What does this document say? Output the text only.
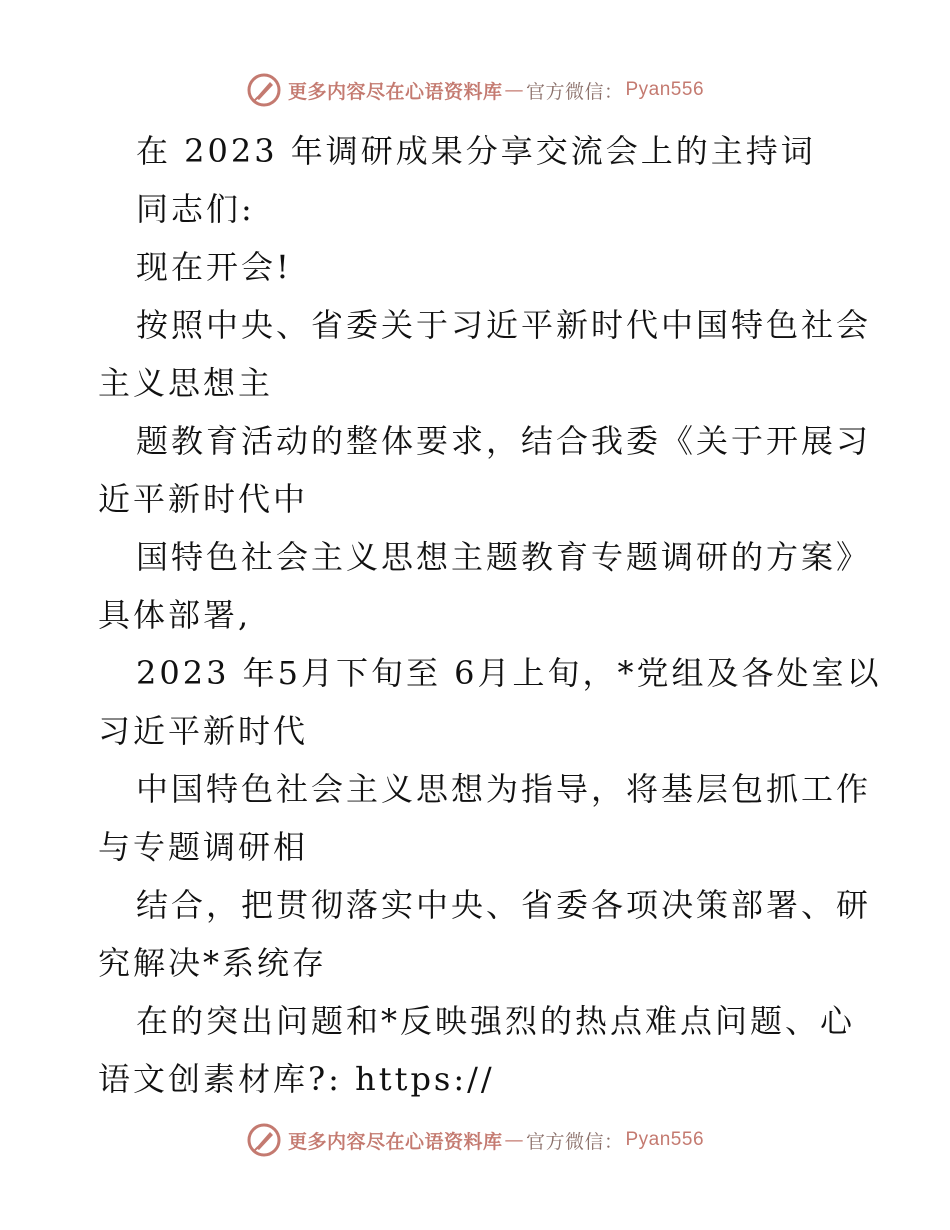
更多内容尽在心语资料库 — 官方微信： Pyan556
在 2023 年调研成果分享交流会上的主持词
同志们:
现在开会!
按照中央、省委关于习近平新时代中国特色社会
主义思想主
题教育活动的整体要求，结合我委《关于开展习
近平新时代中
国特色社会主义思想主题教育专题调研的方案》
具体部署,
2023 年5月下旬至 6月上旬，*党组及各处室以
习近平新时代
中国特色社会主义思想为指导，将基层包抓工作
与专题调研相
结合，把贯彻落实中央、省委各项决策部署、研
究解决*系统存
在的突出问题和*反映强烈的热点难点问题、心
语文创素材库?: https://
更多内容尽在心语资料库 — 官方微信： Pyan556
